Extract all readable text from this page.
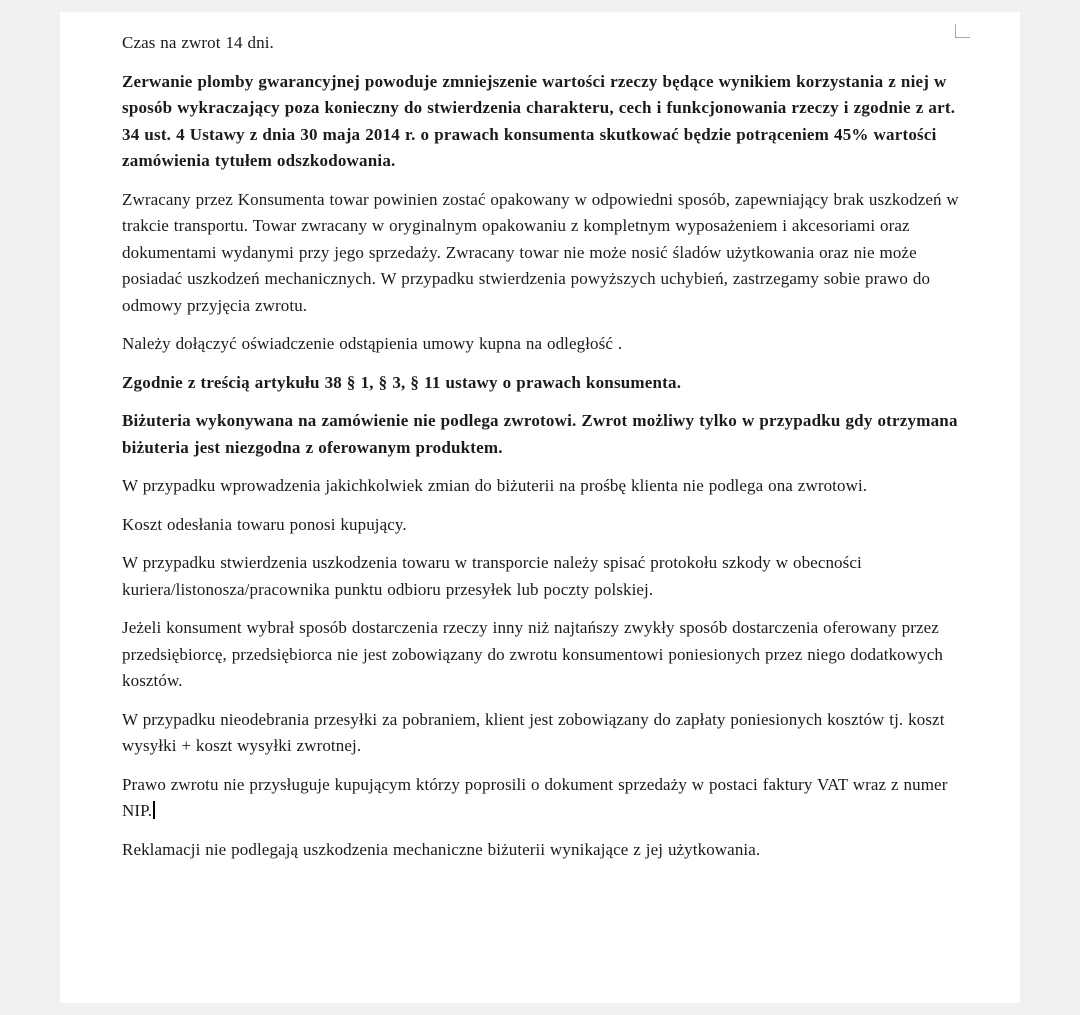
Czas na zwrot 14 dni.

Zerwanie plomby gwarancyjnej powoduje zmniejszenie wartości rzeczy będące wynikiem korzystania z niej w sposób wykraczający poza konieczny do stwierdzenia charakteru, cech i funkcjonowania rzeczy i zgodnie z art. 34 ust. 4 Ustawy z dnia 30 maja 2014 r. o prawach konsumenta skutkować będzie potrąceniem 45% wartości zamówienia tytułem odszkodowania.

Zwracany przez Konsumenta towar powinien zostać opakowany w odpowiedni sposób, zapewniający brak uszkodzeń w trakcie transportu. Towar zwracany w oryginalnym opakowaniu z kompletnym wyposażeniem i akcesoriami oraz dokumentami wydanymi przy jego sprzedaży. Zwracany towar nie może nosić śladów użytkowania oraz nie może posiadać uszkodzeń mechanicznych. W przypadku stwierdzenia powyższych uchybień, zastrzegamy sobie prawo do odmowy przyjęcia zwrotu.

Należy dołączyć oświadczenie odstąpienia umowy kupna na odległość .

Zgodnie z treścią artykułu 38 § 1, § 3, § 11 ustawy o prawach konsumenta.

Biżuteria wykonywana na zamówienie nie podlega zwrotowi. Zwrot możliwy tylko w przypadku gdy otrzymana biżuteria jest niezgodna z oferowanym produktem.

W przypadku wprowadzenia jakichkolwiek zmian do biżuterii na prośbę klienta nie podlega ona zwrotowi.

Koszt odesłania towaru ponosi kupujący.

W przypadku stwierdzenia uszkodzenia towaru w transporcie należy spisać protokołu szkody w obecności kuriera/listonosza/pracownika punktu odbioru przesyłek lub poczty polskiej.

Jeżeli konsument wybrał sposób dostarczenia rzeczy inny niż najtańszy zwykły sposób dostarczenia oferowany przez przedsiębiorcę, przedsiębiorca nie jest zobowiązany do zwrotu konsumentowi poniesionych przez niego dodatkowych kosztów.

W przypadku nieodebrania przesyłki za pobraniem, klient jest zobowiązany do zapłaty poniesionych kosztów tj. koszt wysyłki + koszt wysyłki zwrotnej.

Prawo zwrotu nie przysługuje kupującym którzy poprosili o dokument sprzedaży w postaci faktury VAT wraz z numer NIP.

Reklamacji nie podlegają uszkodzenia mechaniczne biżuterii wynikające z jej użytkowania.
